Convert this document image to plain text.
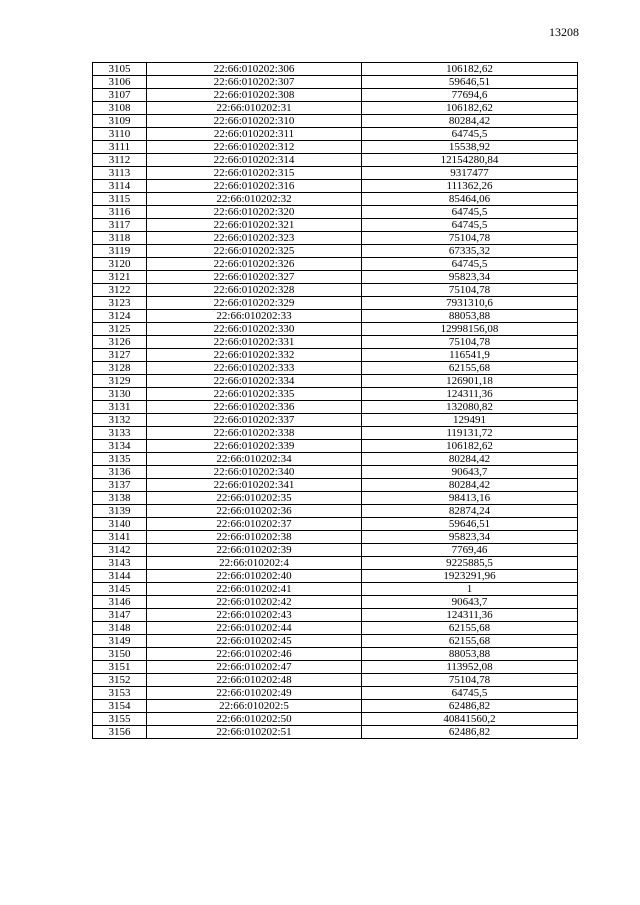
13208
3105	22:66:010202:306	106182,62
3106	22:66:010202:307	59646,51
3107	22:66:010202:308	77694,6
3108	22:66:010202:31	106182,62
3109	22:66:010202:310	80284,42
3110	22:66:010202:311	64745,5
3111	22:66:010202:312	15538,92
3112	22:66:010202:314	12154280,84
3113	22:66:010202:315	9317477
3114	22:66:010202:316	111362,26
3115	22:66:010202:32	85464,06
3116	22:66:010202:320	64745,5
3117	22:66:010202:321	64745,5
3118	22:66:010202:323	75104,78
3119	22:66:010202:325	67335,32
3120	22:66:010202:326	64745,5
3121	22:66:010202:327	95823,34
3122	22:66:010202:328	75104,78
3123	22:66:010202:329	7931310,6
3124	22:66:010202:33	88053,88
3125	22:66:010202:330	12998156,08
3126	22:66:010202:331	75104,78
3127	22:66:010202:332	116541,9
3128	22:66:010202:333	62155,68
3129	22:66:010202:334	126901,18
3130	22:66:010202:335	124311,36
3131	22:66:010202:336	132080,82
3132	22:66:010202:337	129491
3133	22:66:010202:338	119131,72
3134	22:66:010202:339	106182,62
3135	22:66:010202:34	80284,42
3136	22:66:010202:340	90643,7
3137	22:66:010202:341	80284,42
3138	22:66:010202:35	98413,16
3139	22:66:010202:36	82874,24
3140	22:66:010202:37	59646,51
3141	22:66:010202:38	95823,34
3142	22:66:010202:39	7769,46
3143	22:66:010202:4	9225885,5
3144	22:66:010202:40	1923291,96
3145	22:66:010202:41	1
3146	22:66:010202:42	90643,7
3147	22:66:010202:43	124311,36
3148	22:66:010202:44	62155,68
3149	22:66:010202:45	62155,68
3150	22:66:010202:46	88053,88
3151	22:66:010202:47	113952,08
3152	22:66:010202:48	75104,78
3153	22:66:010202:49	64745,5
3154	22:66:010202:5	62486,82
3155	22:66:010202:50	40841560,2
3156	22:66:010202:51	62486,82
